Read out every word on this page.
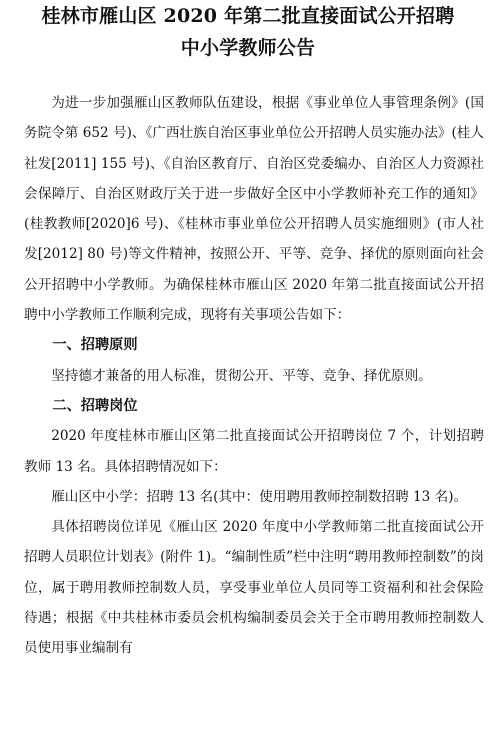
桂林市雁山区 2020 年第二批直接面试公开招聘
中小学教师公告

为进一步加强雁山区教师队伍建设，根据《事业单位人事管理条例》(国务院令第 652 号)、《广西壮族自治区事业单位公开招聘人员实施办法》(桂人社发[2011] 155 号)、《自治区教育厅、自治区党委编办、自治区人力资源社会保障厅、自治区财政厅关于进一步做好全区中小学教师补充工作的通知》(桂教教师[2020]6 号)、《桂林市事业单位公开招聘人员实施细则》(市人社发[2012] 80 号)等文件精神，按照公开、平等、竞争、择优的原则面向社会公开招聘中小学教师。为确保桂林市雁山区 2020 年第二批直接面试公开招聘中小学教师工作顺利完成，现将有关事项公告如下：

一、招聘原则

坚持德才兼备的用人标准，贯彻公开、平等、竞争、择优原则。

二、招聘岗位

2020 年度桂林市雁山区第二批直接面试公开招聘岗位 7 个，计划招聘教师 13 名。具体招聘情况如下：

雁山区中小学：招聘 13 名(其中：使用聘用教师控制数招聘 13 名)。

具体招聘岗位详见《雁山区 2020 年度中小学教师第二批直接面试公开招聘人员职位计划表》(附件 1)。“编制性质”栏中注明“聘用教师控制数”的岗位，属于聘用教师控制数人员，享受事业单位人员同等工资福利和社会保险待遇；根据《中共桂林市委员会机构编制委员会关于全市聘用教师控制数人员使用事业编制有
